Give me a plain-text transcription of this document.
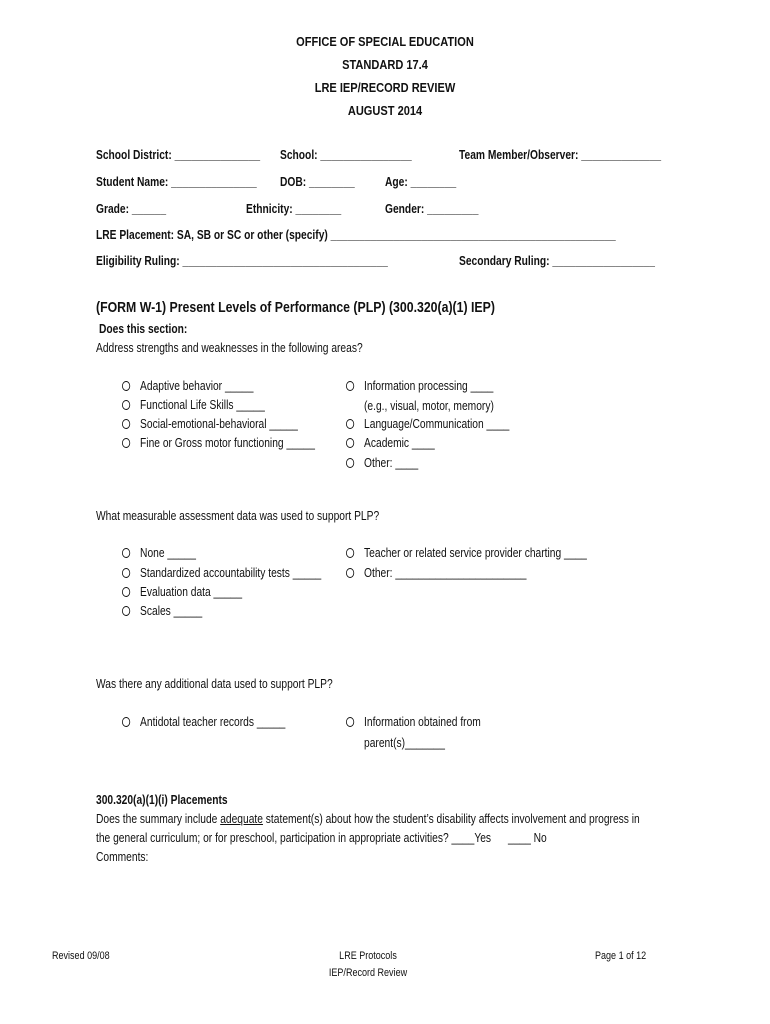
OFFICE OF SPECIAL EDUCATION
STANDARD 17.4
LRE IEP/RECORD REVIEW
AUGUST 2014
School District: _______________ School: ________________	Team Member/Observer: ______________
Student Name: _______________ DOB: ________ Age: ________
Grade: ______	Ethnicity: ________	Gender: _________
LRE Placement: SA, SB or SC or other (specify) __________________________________________________
Eligibility Ruling: ____________________________________	Secondary Ruling: __________________
(FORM W-1) Present Levels of Performance (PLP) (300.320(a)(1) IEP)
Does this section:
Address strengths and weaknesses in the following areas?
Adaptive behavior _____
Functional Life Skills _____
Social-emotional-behavioral _____
Fine or Gross motor functioning _____
Information processing ____
(e.g., visual, motor, memory)
Language/Communication ____
Academic ____
Other: ____
What measurable assessment data was used to support PLP?
None _____
Standardized accountability tests _____
Evaluation data _____
Scales _____
Teacher or related service provider charting ____
Other: _______________________
Was there any additional data used to support PLP?
Antidotal teacher records _____	Information obtained from
parent(s)_______
300.320(a)(1)(i) Placements
Does the summary include adequate statement(s) about how the student’s disability affects involvement and progress in
the general curriculum; or for preschool, participation in appropriate activities? ____Yes ____ No
Comments:
Revised 09/08	LRE Protocols
IEP/Record Review
Page 1 of 12
